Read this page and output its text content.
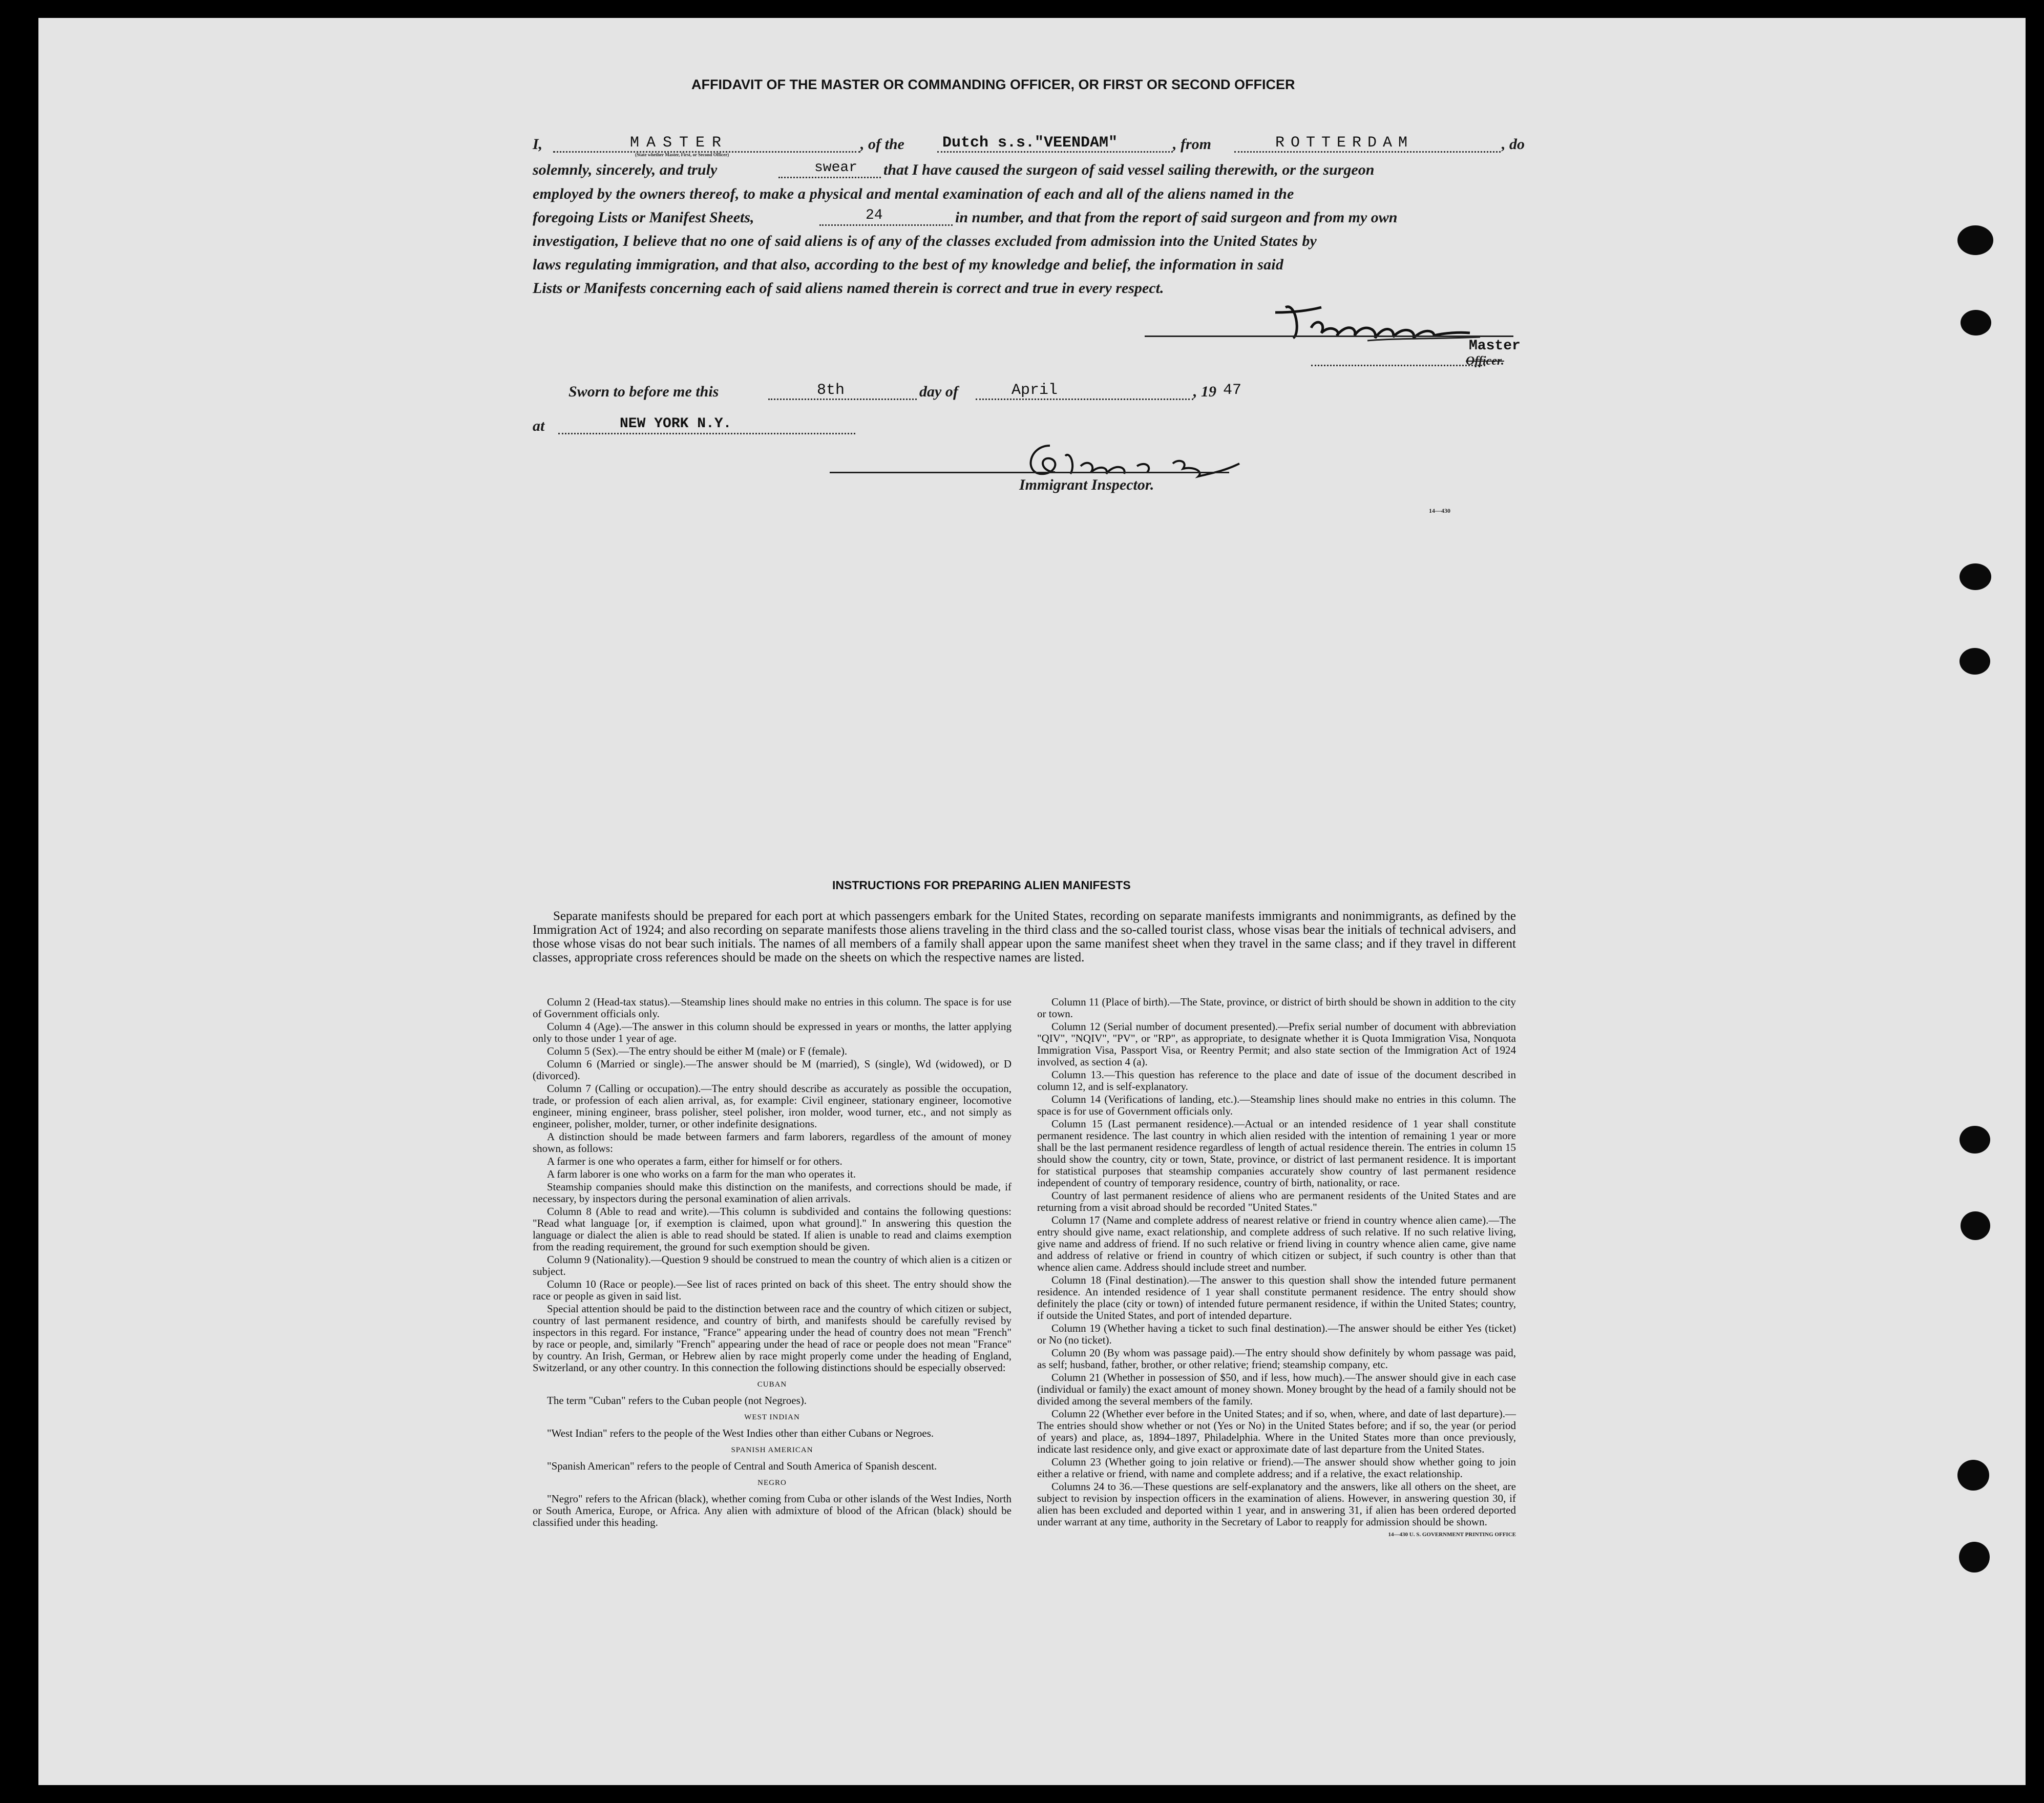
AFFIDAVIT OF THE MASTER OR COMMANDING OFFICER, OR FIRST OR SECOND OFFICER
I,	MASTER
(State whether Master, First, or Second Officer)
, of the Dutch s.s."VEENDAM"	, from	ROTTERDAM	, do
solemnly, sincerely, and truly	swear that I have caused the surgeon of said vessel sailing therewith, or the surgeon
employed by the owners thereof, to make a physical and mental examination of each and all of the aliens named in the
foregoing Lists or Manifest Sheets,	24	in number, and that from the report of said surgeon and from my own
investigation, I believe that no one of said aliens is of any of the classes excluded from admission into the United States by
laws regulating immigration, and that also, according to the best of my knowledge and belief, the information in said
Lists or Manifests concerning each of said aliens named therein is correct and true in every respect.
Master
Officer.
Sworn to before me this	8th	day of	April	, 19 47
at	NEW YORK N.Y.
Immigrant Inspector.
14—430
INSTRUCTIONS FOR PREPARING ALIEN MANIFESTS
Separate manifests should be prepared for each port at which passengers embark for the United States, recording on separate manifests immigrants and nonimmigrants, as defined by the Immigration Act of 1924; and also recording on separate manifests those aliens traveling in the third class and the so-called tourist class, whose visas bear the initials of technical advisers, and those whose visas do not bear such initials. The names of all members of a family shall appear upon the same manifest sheet when they travel in the same class; and if they travel in different classes, appropriate cross references should be made on the sheets on which the respective names are listed.

Column 2 (Head-tax status).—Steamship lines should make no entries in this column. The space is for use of Government officials only.

Column 4 (Age).—The answer in this column should be expressed in years or months, the latter applying only to those under 1 year of age.

Column 5 (Sex).—The entry should be either M (male) or F (female).

Column 6 (Married or single).—The answer should be M (married), S (single), Wd (widowed), or D (divorced).

Column 7 (Calling or occupation).—The entry should describe as accurately as possible the occupation, trade, or profession of each alien arrival, as, for example: Civil engineer, stationary engineer, locomotive engineer, mining engineer, brass polisher, steel polisher, iron molder, wood turner, etc., and not simply as engineer, polisher, molder, turner, or other indefinite designations.

A distinction should be made between farmers and farm laborers, regardless of the amount of money shown, as follows:

A farmer is one who operates a farm, either for himself or for others.

A farm laborer is one who works on a farm for the man who operates it.

Steamship companies should make this distinction on the manifests, and corrections should be made, if necessary, by inspectors during the personal examination of alien arrivals.

Column 8 (Able to read and write).—This column is subdivided and contains the following questions: "Read what language [or, if exemption is claimed, upon what ground]." In answering this question the language or dialect the alien is able to read should be stated. If alien is unable to read and claims exemption from the reading requirement, the ground for such exemption should be given.

Column 9 (Nationality).—Question 9 should be construed to mean the country of which alien is a citizen or subject.

Column 10 (Race or people).—See list of races printed on back of this sheet. The entry should show the race or people as given in said list.

Special attention should be paid to the distinction between race and the country of which citizen or subject, country of last permanent residence, and country of birth, and manifests should be carefully revised by inspectors in this regard. For instance, "France" appearing under the head of country does not mean "French" by race or people, and, similarly "French" appearing under the head of race or people does not mean "France" by country. An Irish, German, or Hebrew alien by race might properly come under the heading of England, Switzerland, or any other country. In this connection the following distinctions should be especially observed:

CUBAN

The term "Cuban" refers to the Cuban people (not Negroes).

WEST INDIAN

"West Indian" refers to the people of the West Indies other than either Cubans or Negroes.

SPANISH AMERICAN

"Spanish American" refers to the people of Central and South America of Spanish descent.

NEGRO

"Negro" refers to the African (black), whether coming from Cuba or other islands of the West Indies, North or South America, Europe, or Africa. Any alien with admixture of blood of the African (black) should be classified under this heading.

Column 11 (Place of birth).—The State, province, or district of birth should be shown in addition to the city or town.

Column 12 (Serial number of document presented).—Prefix serial number of document with abbreviation "QIV", "NQIV", "PV", or "RP", as appropriate, to designate whether it is Quota Immigration Visa, Nonquota Immigration Visa, Passport Visa, or Reentry Permit; and also state section of the Immigration Act of 1924 involved, as section 4 (a).

Column 13.—This question has reference to the place and date of issue of the document described in column 12, and is self-explanatory.

Column 14 (Verifications of landing, etc.).—Steamship lines should make no entries in this column. The space is for use of Government officials only.

Column 15 (Last permanent residence).—Actual or an intended residence of 1 year shall constitute permanent residence. The last country in which alien resided with the intention of remaining 1 year or more shall be the last permanent residence regardless of length of actual residence therein. The entries in column 15 should show the country, city or town, State, province, or district of last permanent residence. It is important for statistical purposes that steamship companies accurately show country of last permanent residence independent of country of temporary residence, country of birth, nationality, or race.

Country of last permanent residence of aliens who are permanent residents of the United States and are returning from a visit abroad should be recorded "United States."

Column 17 (Name and complete address of nearest relative or friend in country whence alien came).—The entry should give name, exact relationship, and complete address of such relative. If no such relative living, give name and address of friend. If no such relative or friend living in country whence alien came, give name and address of relative or friend in country of which citizen or subject, if such country is other than that whence alien came. Address should include street and number.

Column 18 (Final destination).—The answer to this question shall show the intended future permanent residence. An intended residence of 1 year shall constitute permanent residence. The entry should show definitely the place (city or town) of intended future permanent residence, if within the United States; country, if outside the United States, and port of intended departure.

Column 19 (Whether having a ticket to such final destination).—The answer should be either Yes (ticket) or No (no ticket).

Column 20 (By whom was passage paid).—The entry should show definitely by whom passage was paid, as self; husband, father, brother, or other relative; friend; steamship company, etc.

Column 21 (Whether in possession of $50, and if less, how much).—The answer should give in each case (individual or family) the exact amount of money shown. Money brought by the head of a family should not be divided among the several members of the family.

Column 22 (Whether ever before in the United States; and if so, when, where, and date of last departure).—The entries should show whether or not (Yes or No) in the United States before; and if so, the year (or period of years) and place, as, 1894–1897, Philadelphia. Where in the United States more than once previously, indicate last residence only, and give exact or approximate date of last departure from the United States.

Column 23 (Whether going to join relative or friend).—The answer should show whether going to join either a relative or friend, with name and complete address; and if a relative, the exact relationship.

Columns 24 to 36.—These questions are self-explanatory and the answers, like all others on the sheet, are subject to revision by inspection officers in the examination of aliens. However, in answering question 30, if alien has been excluded and deported within 1 year, and in answering 31, if alien has been ordered deported under warrant at any time, authority in the Secretary of Labor to reapply for admission should be shown.

14—430 U. S. GOVERNMENT PRINTING OFFICE
